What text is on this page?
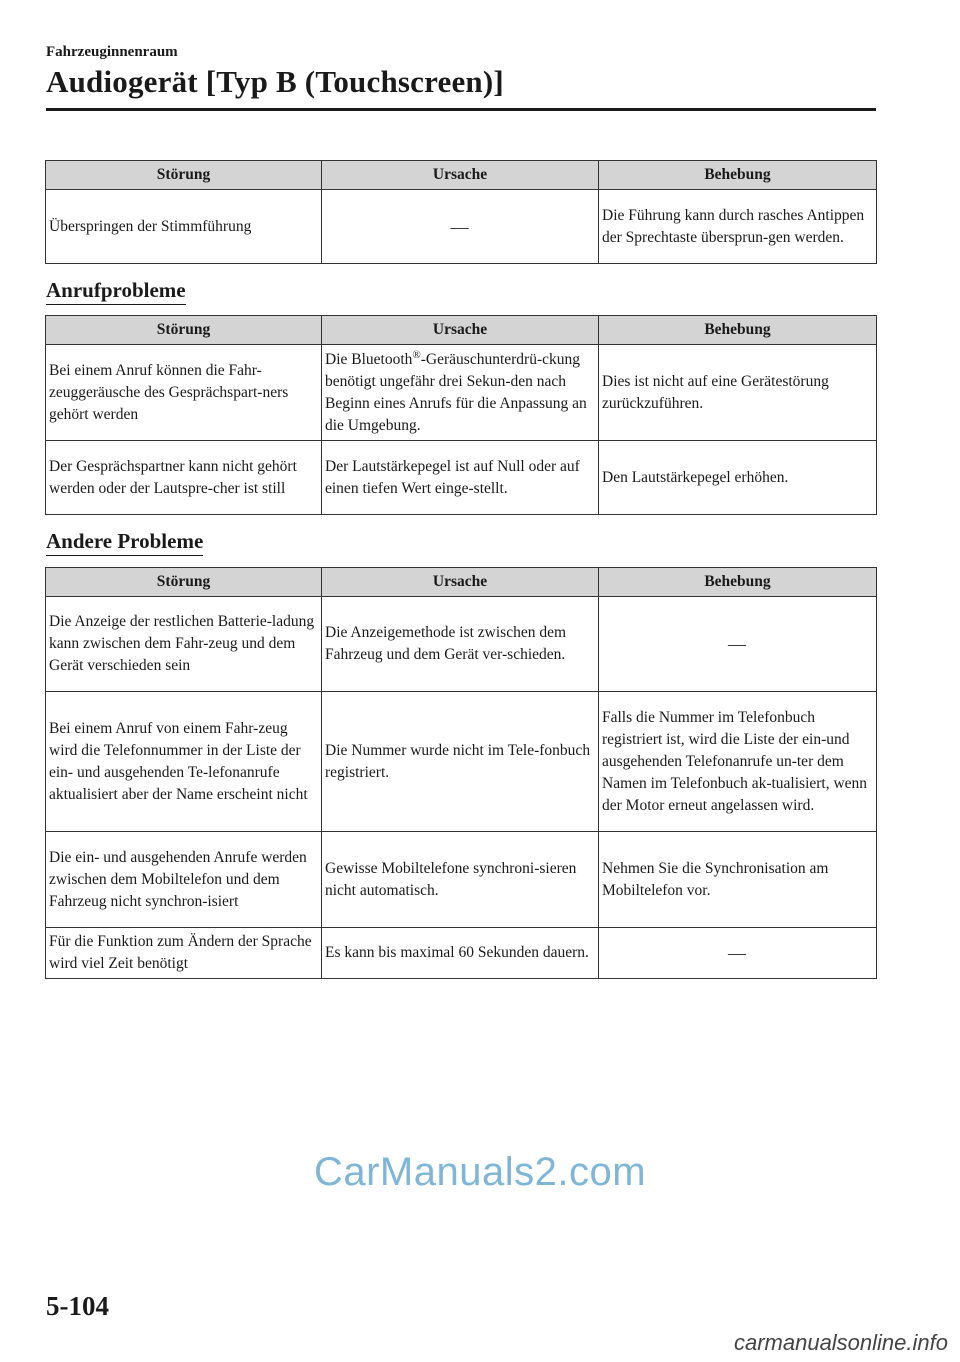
Fahrzeuginnenraum
Audiogerät [Typ B (Touchscreen)]
Störung	Ursache	Behebung
Überspringen der Stimmführung	—	Die Führung kann durch rasches Antippen der Sprechtaste übersprun-gen werden.
Anrufprobleme
Störung	Ursache	Behebung
Bei einem Anruf können die Fahr-zeuggeräusche des Gesprächspart-ners gehört werden	Die Bluetooth®-Geräuschunterdrü-ckung benötigt ungefähr drei Sekun-den nach Beginn eines Anrufs für die Anpassung an die Umgebung.	Dies ist nicht auf eine Gerätestörung zurückzuführen.
Der Gesprächspartner kann nicht gehört werden oder der Lautspre-cher ist still	Der Lautstärkepegel ist auf Null oder auf einen tiefen Wert einge-stellt.	Den Lautstärkepegel erhöhen.
Andere Probleme
Störung	Ursache	Behebung
Die Anzeige der restlichen Batterie-ladung kann zwischen dem Fahr-zeug und dem Gerät verschieden sein	Die Anzeigemethode ist zwischen dem Fahrzeug und dem Gerät ver-schieden.	—
Bei einem Anruf von einem Fahr-zeug wird die Telefonnummer in der Liste der ein- und ausgehenden Te-lefonanrufe aktualisiert aber der Name erscheint nicht	Die Nummer wurde nicht im Tele-fonbuch registriert.	Falls die Nummer im Telefonbuch registriert ist, wird die Liste der ein-und ausgehenden Telefonanrufe un-ter dem Namen im Telefonbuch ak-tualisiert, wenn der Motor erneut angelassen wird.
Die ein- und ausgehenden Anrufe werden zwischen dem Mobiltelefon und dem Fahrzeug nicht synchron-isiert	Gewisse Mobiltelefone synchroni-sieren nicht automatisch.	Nehmen Sie die Synchronisation am Mobiltelefon vor.
Für die Funktion zum Ändern der Sprache wird viel Zeit benötigt	Es kann bis maximal 60 Sekunden dauern.	—
CarManuals2.com
5-104
carmanualsonline.info
